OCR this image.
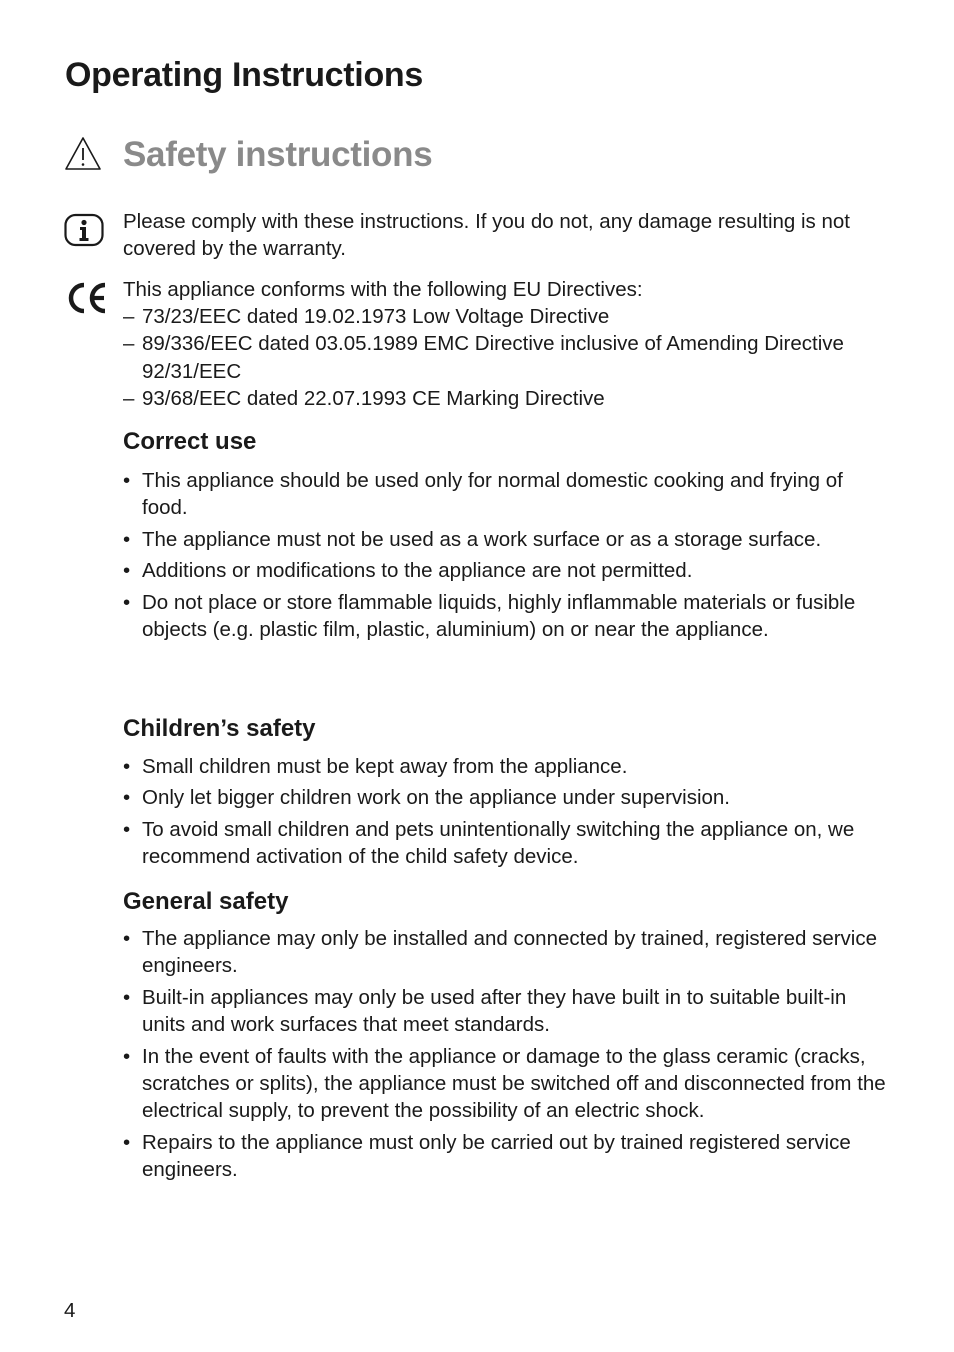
Operating Instructions
Safety instructions

Please comply with these instructions. If you do not, any damage resulting is not covered by the warranty.

This appliance conforms with the following EU Directives:

– 73/23/EEC dated 19.02.1973 Low Voltage Directive
– 89/336/EEC dated 03.05.1989 EMC Directive inclusive of Amending Directive 92/31/EEC
– 93/68/EEC dated 22.07.1993 CE Marking Directive
Correct use
• This appliance should be used only for normal domestic cooking and frying of food.
• The appliance must not be used as a work surface or as a storage surface.
• Additions or modifications to the appliance are not permitted.
• Do not place or store flammable liquids, highly inflammable materials or fusible objects (e.g. plastic film, plastic, aluminium) on or near the appliance.
Children’s safety
• Small children must be kept away from the appliance.
• Only let bigger children work on the appliance under supervision.
• To avoid small children and pets unintentionally switching the appliance on, we recommend activation of the child safety device.
General safety
• The appliance may only be installed and connected by trained, registered service engineers.
• Built-in appliances may only be used after they have built in to suitable built-in units and work surfaces that meet standards.
• In the event of faults with the appliance or damage to the glass ceramic (cracks, scratches or splits), the appliance must be switched off and disconnected from the electrical supply, to prevent the possibility of an electric shock.
• Repairs to the appliance must only be carried out by trained registered service engineers.
4
